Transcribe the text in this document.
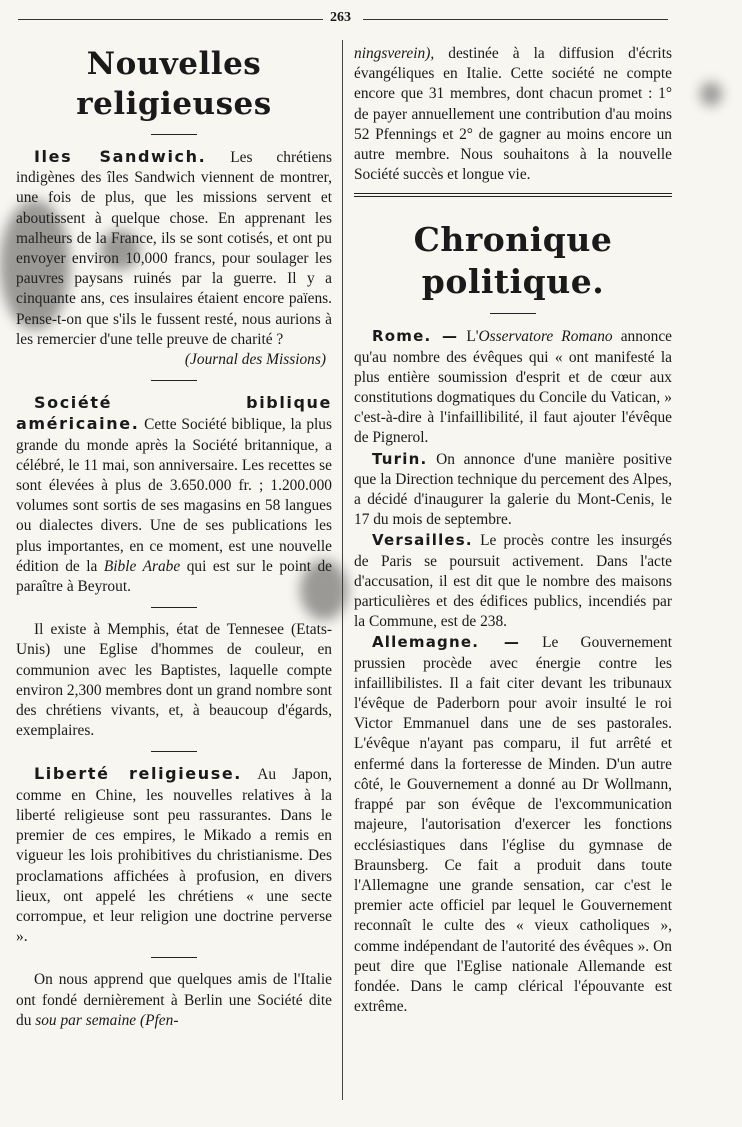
263
Nouvelles religieuses

Iles Sandwich. Les chrétiens indigènes des îles Sandwich viennent de montrer, une fois de plus, que les missions servent et aboutissent à quelque chose. En apprenant les malheurs de la France, ils se sont cotisés, et ont pu envoyer environ 10,000 francs, pour soulager les pauvres paysans ruinés par la guerre. Il y a cinquante ans, ces insulaires étaient encore païens. Pense-t-on que s'ils le fussent resté, nous aurions à les remercier d'une telle preuve de charité ?

(Journal des Missions)

Société biblique américaine. Cette Société biblique, la plus grande du monde après la Société britannique, a célébré, le 11 mai, son anniversaire. Les recettes se sont élevées à plus de 3.650.000 fr. ; 1.200.000 volumes sont sortis de ses magasins en 58 langues ou dialectes divers. Une de ses publications les plus importantes, en ce moment, est une nouvelle édition de la Bible Arabe qui est sur le point de paraître à Beyrout.

Il existe à Memphis, état de Tennesee (Etats-Unis) une Eglise d'hommes de couleur, en communion avec les Baptistes, laquelle compte environ 2,300 membres dont un grand nombre sont des chrétiens vivants, et, à beaucoup d'égards, exemplaires.

Liberté religieuse. Au Japon, comme en Chine, les nouvelles relatives à la liberté religieuse sont peu rassurantes. Dans le premier de ces empires, le Mikado a remis en vigueur les lois prohibitives du christianisme. Des proclamations affichées à profusion, en divers lieux, ont appelé les chrétiens « une secte corrompue, et leur religion une doctrine perverse ».

On nous apprend que quelques amis de l'Italie ont fondé dernièrement à Berlin une Société dite du sou par semaine (Pfen-

ningsverein), destinée à la diffusion d'écrits évangéliques en Italie. Cette société ne compte encore que 31 membres, dont chacun promet : 1° de payer annuellement une contribution d'au moins 52 Pfennings et 2° de gagner au moins encore un autre membre. Nous souhaitons à la nouvelle Société succès et longue vie.

Chronique politique.

Rome. — L'Osservatore Romano annonce qu'au nombre des évêques qui « ont manifesté la plus entière soumission d'esprit et de cœur aux constitutions dogmatiques du Concile du Vatican, » c'est-à-dire à l'infaillibilité, il faut ajouter l'évêque de Pignerol.

Turin. On annonce d'une manière positive que la Direction technique du percement des Alpes, a décidé d'inaugurer la galerie du Mont-Cenis, le 17 du mois de septembre.

Versailles. Le procès contre les insurgés de Paris se poursuit activement. Dans l'acte d'accusation, il est dit que le nombre des maisons particulières et des édifices publics, incendiés par la Commune, est de 238.

Allemagne. — Le Gouvernement prussien procède avec énergie contre les infaillibilistes. Il a fait citer devant les tribunaux l'évêque de Paderborn pour avoir insulté le roi Victor Emmanuel dans une de ses pastorales. L'évêque n'ayant pas comparu, il fut arrêté et enfermé dans la forteresse de Minden. D'un autre côté, le Gouvernement a donné au Dr Wollmann, frappé par son évêque de l'excommunication majeure, l'autorisation d'exercer les fonctions ecclésiastiques dans l'église du gymnase de Braunsberg. Ce fait a produit dans toute l'Allemagne une grande sensation, car c'est le premier acte officiel par lequel le Gouvernement reconnaît le culte des « vieux catholiques », comme indépendant de l'autorité des évêques ». On peut dire que l'Eglise nationale Allemande est fondée. Dans le camp clérical l'épouvante est extrême.
